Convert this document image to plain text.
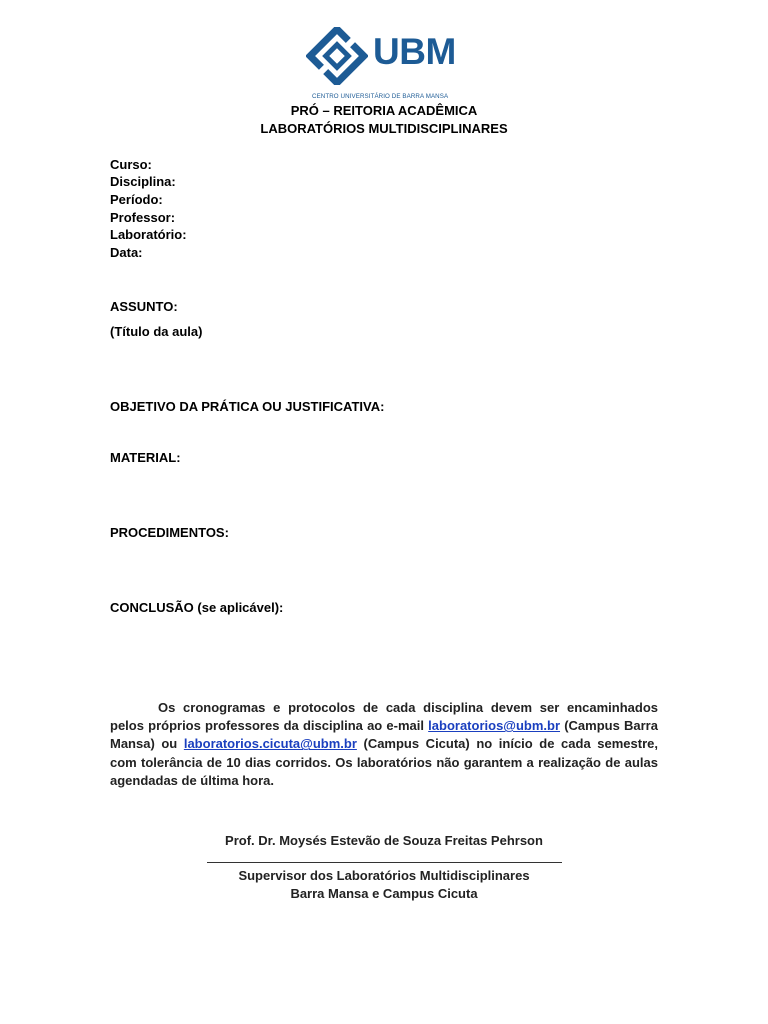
UBM
CENTRO UNIVERSITÁRIO DE BARRA MANSA
PRÓ – REITORIA ACADÊMICA
LABORATÓRIOS MULTIDISCIPLINARES
Curso:
Disciplina:
Período:
Professor:
Laboratório:
Data:
ASSUNTO:
(Título da aula)
OBJETIVO DA PRÁTICA OU JUSTIFICATIVA:
MATERIAL:
PROCEDIMENTOS:
CONCLUSÃO (se aplicável):
Os cronogramas e protocolos de cada disciplina devem ser encaminhados pelos próprios professores da disciplina ao e-mail laboratorios@ubm.br (Campus Barra Mansa) ou laboratorios.cicuta@ubm.br (Campus Cicuta) no início de cada semestre, com tolerância de 10 dias corridos. Os laboratórios não garantem a realização de aulas agendadas de última hora.
Prof. Dr. Moysés Estevão de Souza Freitas Pehrson
Supervisor dos Laboratórios Multidisciplinares
Barra Mansa e Campus Cicuta
